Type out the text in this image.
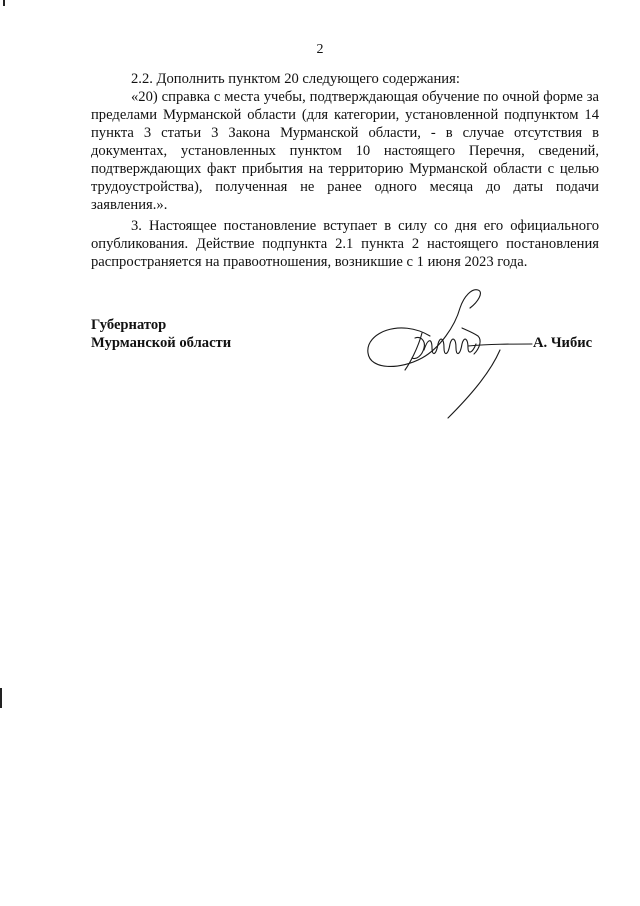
2

2.2. Дополнить пунктом 20 следующего содержания:

«20) справка с места учебы, подтверждающая обучение по очной форме за пределами Мурманской области (для категории, установленной подпунктом 14 пункта 3 статьи 3 Закона Мурманской области, - в случае отсутствия в документах, установленных пунктом 10 настоящего Перечня, сведений, подтверждающих факт прибытия на территорию Мурманской области с целью трудоустройства), полученная не ранее одного месяца до даты подачи заявления.».

3. Настоящее постановление вступает в силу со дня его официального опубликования. Действие подпункта 2.1 пункта 2 настоящего постановления распространяется на правоотношения, возникшие с 1 июня 2023 года.

Губернатор
Мурманской области	А. Чибис
